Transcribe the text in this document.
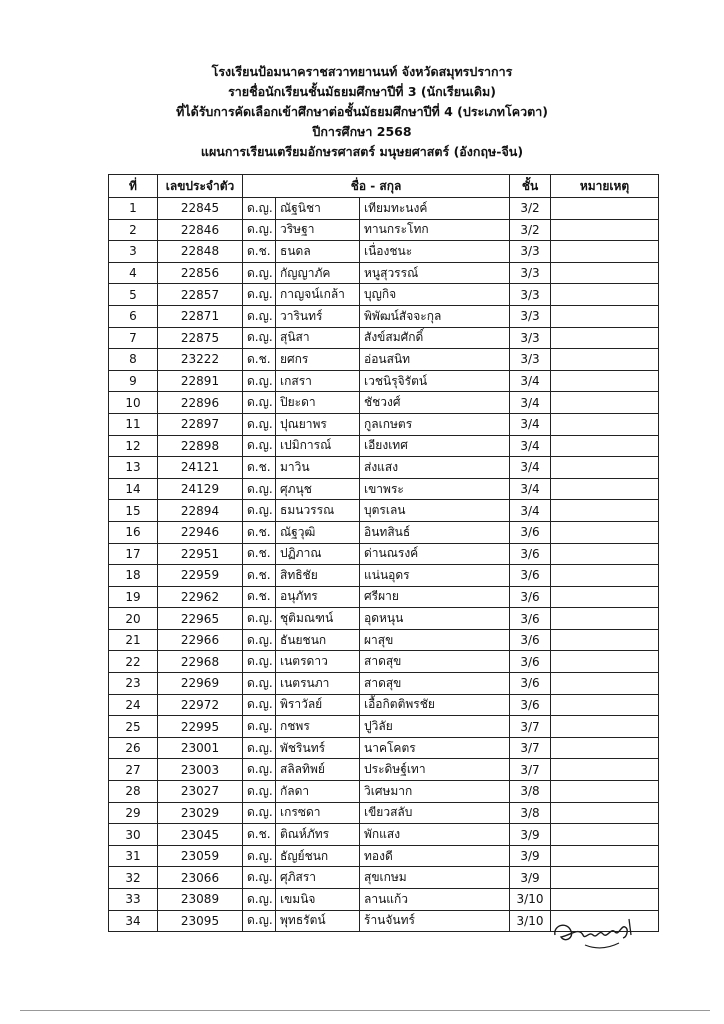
โรงเรียนป้อมนาคราชสวาทยานนท์ จังหวัดสมุทรปราการ
รายชื่อนักเรียนชั้นมัธยมศึกษาปีที่ 3 (นักเรียนเดิม)
ที่ได้รับการคัดเลือกเข้าศึกษาต่อชั้นมัธยมศึกษาปีที่ 4 (ประเภทโควตา)
ปีการศึกษา 2568
แผนการเรียนเตรียมอักษรศาสตร์ มนุษยศาสตร์ (อังกฤษ-จีน)
ที่	เลขประจำตัว	ชื่อ - สกุล			ชั้น	หมายเหตุ
1	22845	ด.ญ.	ณัฐนิชา	เทียมทะนงค์	3/2	
2	22846	ด.ญ.	วริษฐา	ทานกระโทก	3/2	
3	22848	ด.ช.	ธนดล	เนื่องชนะ	3/3	
4	22856	ด.ญ.	กัญญาภัค	หนูสุวรรณ์	3/3	
5	22857	ด.ญ.	กาญจน์เกล้า	บุญกิจ	3/3	
6	22871	ด.ญ.	วารินทร์	พิพัฒน์สัจจะกุล	3/3	
7	22875	ด.ญ.	สุนิสา	สังข์สมศักดิ์	3/3	
8	23222	ด.ช.	ยศกร	อ่อนสนิท	3/3	
9	22891	ด.ญ.	เกสรา	เวชนิรุจิรัตน์	3/4	
10	22896	ด.ญ.	ปิยะดา	ชัชวงศ์	3/4	
11	22897	ด.ญ.	ปุณยาพร	กูลเกษตร	3/4	
12	22898	ด.ญ.	เปมิการณ์	เอียงเทศ	3/4	
13	24121	ด.ช.	มาวิน	ส่งแสง	3/4	
14	24129	ด.ญ.	ศุภนุช	เขาพระ	3/4	
15	22894	ด.ญ.	ธมนวรรณ	บุตรเลน	3/4	
16	22946	ด.ช.	ณัฐวุฒิ	อินทสินธ์	3/6	
17	22951	ด.ช.	ปฏิภาณ	ด่านณรงค์	3/6	
18	22959	ด.ช.	สิทธิชัย	แน่นอุดร	3/6	
19	22962	ด.ช.	อนุภัทร	ศรีผาย	3/6	
20	22965	ด.ญ.	ชุติมณฑน์	อุดหนุน	3/6	
21	22966	ด.ญ.	ธันยชนก	ผาสุข	3/6	
22	22968	ด.ญ.	เนตรดาว	สาดสุข	3/6	
23	22969	ด.ญ.	เนตรนภา	สาดสุข	3/6	
24	22972	ด.ญ.	พิราวัลย์	เอื้อกิตติพรชัย	3/6	
25	22995	ด.ญ.	กชพร	ปูวิลัย	3/7	
26	23001	ด.ญ.	พัชรินทร์	นาคโคตร	3/7	
27	23003	ด.ญ.	สลิลทิพย์	ประดิษฐ์เทา	3/7	
28	23027	ด.ญ.	กัลดา	วิเศษมาก	3/8	
29	23029	ด.ญ.	เกรซดา	เขียวสลับ	3/8	
30	23045	ด.ช.	ติณห์ภัทร	พักแสง	3/9	
31	23059	ด.ญ.	ธัญย์ชนก	ทองดี	3/9	
32	23066	ด.ญ.	ศุภิสรา	สุขเกษม	3/9	
33	23089	ด.ญ.	เขมนิจ	ลานแก้ว	3/10	
34	23095	ด.ญ.	พุทธรัตน์	ร้านจันทร์	3/10	
